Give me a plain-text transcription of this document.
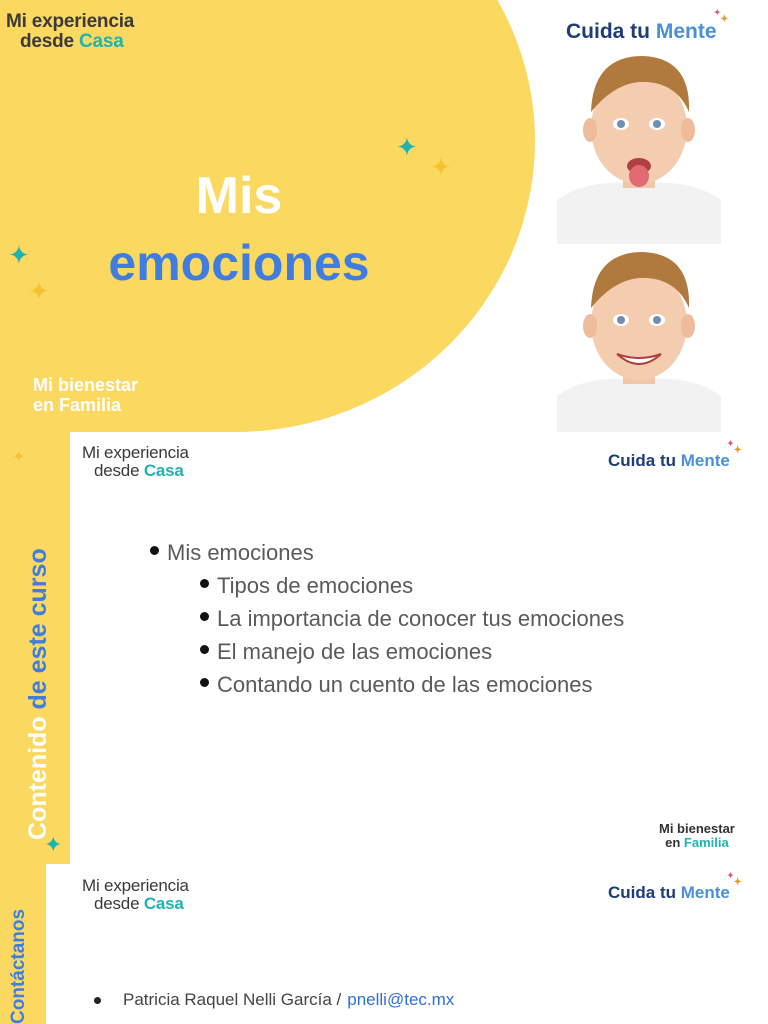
Mi experiencia
desde Casa
✦
✦
✦
✦
Mis
emociones
Mi bienestar
en Familia
Cuida tu Mente
✦
✦
✦
✦
Contenido de este curso
Mi experiencia
desde Casa
Cuida tu Mente
✦
✦
Mis emociones
Tipos de emociones
La importancia de conocer tus emociones
El manejo de las emociones
Contando un cuento de las emociones
Mi bienestar
en Familia
Contáctanos
Mi experiencia
desde Casa
Cuida tu Mente
✦
✦
Patricia Raquel Nelli García / pnelli@tec.mx
